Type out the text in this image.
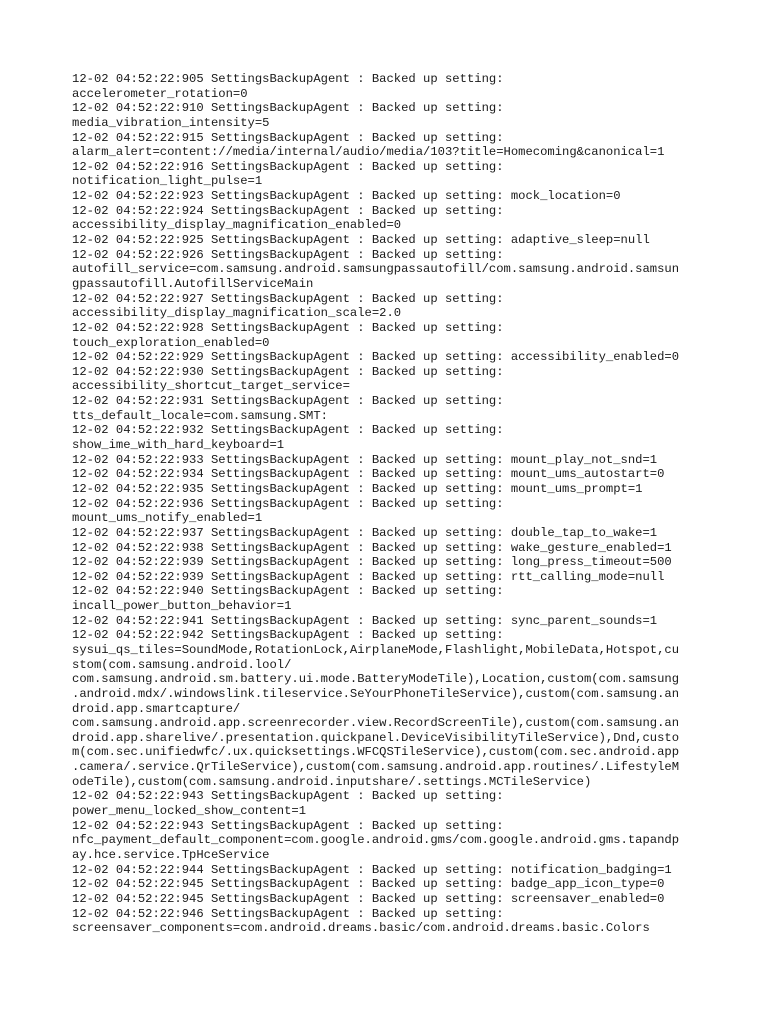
12-02 04:52:22:905 SettingsBackupAgent : Backed up setting:
accelerometer_rotation=0
12-02 04:52:22:910 SettingsBackupAgent : Backed up setting:
media_vibration_intensity=5
12-02 04:52:22:915 SettingsBackupAgent : Backed up setting:
alarm_alert=content://media/internal/audio/media/103?title=Homecoming&canonical=1
12-02 04:52:22:916 SettingsBackupAgent : Backed up setting:
notification_light_pulse=1
12-02 04:52:22:923 SettingsBackupAgent : Backed up setting: mock_location=0
12-02 04:52:22:924 SettingsBackupAgent : Backed up setting:
accessibility_display_magnification_enabled=0
12-02 04:52:22:925 SettingsBackupAgent : Backed up setting: adaptive_sleep=null
12-02 04:52:22:926 SettingsBackupAgent : Backed up setting:
autofill_service=com.samsung.android.samsungpassautofill/com.samsung.android.samsun
gpassautofill.AutofillServiceMain
12-02 04:52:22:927 SettingsBackupAgent : Backed up setting:
accessibility_display_magnification_scale=2.0
12-02 04:52:22:928 SettingsBackupAgent : Backed up setting:
touch_exploration_enabled=0
12-02 04:52:22:929 SettingsBackupAgent : Backed up setting: accessibility_enabled=0
12-02 04:52:22:930 SettingsBackupAgent : Backed up setting:
accessibility_shortcut_target_service=
12-02 04:52:22:931 SettingsBackupAgent : Backed up setting:
tts_default_locale=com.samsung.SMT:
12-02 04:52:22:932 SettingsBackupAgent : Backed up setting:
show_ime_with_hard_keyboard=1
12-02 04:52:22:933 SettingsBackupAgent : Backed up setting: mount_play_not_snd=1
12-02 04:52:22:934 SettingsBackupAgent : Backed up setting: mount_ums_autostart=0
12-02 04:52:22:935 SettingsBackupAgent : Backed up setting: mount_ums_prompt=1
12-02 04:52:22:936 SettingsBackupAgent : Backed up setting:
mount_ums_notify_enabled=1
12-02 04:52:22:937 SettingsBackupAgent : Backed up setting: double_tap_to_wake=1
12-02 04:52:22:938 SettingsBackupAgent : Backed up setting: wake_gesture_enabled=1
12-02 04:52:22:939 SettingsBackupAgent : Backed up setting: long_press_timeout=500
12-02 04:52:22:939 SettingsBackupAgent : Backed up setting: rtt_calling_mode=null
12-02 04:52:22:940 SettingsBackupAgent : Backed up setting:
incall_power_button_behavior=1
12-02 04:52:22:941 SettingsBackupAgent : Backed up setting: sync_parent_sounds=1
12-02 04:52:22:942 SettingsBackupAgent : Backed up setting:
sysui_qs_tiles=SoundMode,RotationLock,AirplaneMode,Flashlight,MobileData,Hotspot,cu
stom(com.samsung.android.lool/
com.samsung.android.sm.battery.ui.mode.BatteryModeTile),Location,custom(com.samsung
.android.mdx/.windowslink.tileservice.SeYourPhoneTileService),custom(com.samsung.an
droid.app.smartcapture/
com.samsung.android.app.screenrecorder.view.RecordScreenTile),custom(com.samsung.an
droid.app.sharelive/.presentation.quickpanel.DeviceVisibilityTileService),Dnd,custo
m(com.sec.unifiedwfc/.ux.quicksettings.WFCQSTileService),custom(com.sec.android.app
.camera/.service.QrTileService),custom(com.samsung.android.app.routines/.LifestyleM
odeTile),custom(com.samsung.android.inputshare/.settings.MCTileService)
12-02 04:52:22:943 SettingsBackupAgent : Backed up setting:
power_menu_locked_show_content=1
12-02 04:52:22:943 SettingsBackupAgent : Backed up setting:
nfc_payment_default_component=com.google.android.gms/com.google.android.gms.tapandp
ay.hce.service.TpHceService
12-02 04:52:22:944 SettingsBackupAgent : Backed up setting: notification_badging=1
12-02 04:52:22:945 SettingsBackupAgent : Backed up setting: badge_app_icon_type=0
12-02 04:52:22:945 SettingsBackupAgent : Backed up setting: screensaver_enabled=0
12-02 04:52:22:946 SettingsBackupAgent : Backed up setting:
screensaver_components=com.android.dreams.basic/com.android.dreams.basic.Colors
